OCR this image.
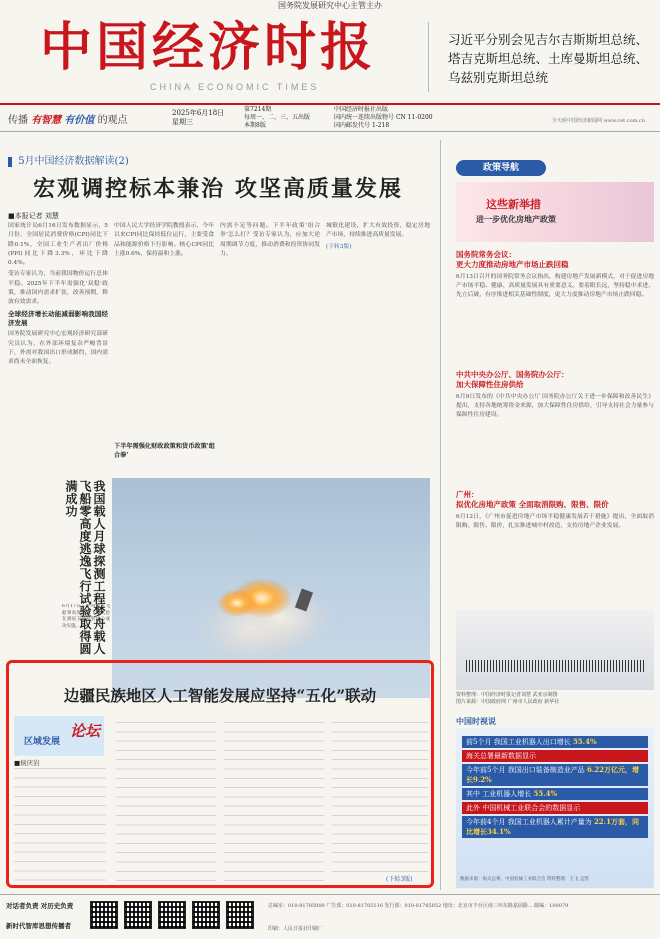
国务院发展研究中心主管主办
中国经济时报
CHINA ECONOMIC TIMES
习近平分别会见吉尔吉斯斯坦总统、塔吉克斯坦总统、土库曼斯坦总统、乌兹别克斯坦总统
传播 有智慧 有价值 的观点
2025年6月18日
星期三
第7214期
每周一、二、三、五出版
本期8版
中国经济时报社出版
国内统一连续出版物号 CN 11-0200
国内邮发代号 1-218
全天候中国经济新闻网 www.cet.com.cn
5月中国经济数据解读(2)
宏观调控标本兼治 攻坚高质量发展
■本报记者 刘慧

国家统计局6月16日发布数据显示，5月份，全国居民消费价格(CPI)同比下降0.1%，全国工业生产者出厂价格(PPI)同比下降3.3%，环比下降0.4%。

受访专家认为，当前我国物价运行总体平稳。2025年下半年需强化'双稳'政策，推动国内需求扩张，改善预期，释放有效需求。

全球经济增长动能减弱影响我国经济发展

国务院发展研究中心宏观经济研究部研究员认为，在外部环境复杂严峻背景下，外需对我国出口形成制约，国内需求尚未全面恢复。

中国人民大学经济学院教授表示，今年以来CPI同比保持低位运行，主要受食品和能源价格下行影响。核心CPI同比上涨0.6%，保持温和上涨。

下半年需强化财政政策和货币政策'组合拳'

内需不足等问题。下半年政策'组合拳'怎么打？受访专家认为，应加大逆周期调节力度，推动消费和投资协同发力。

城镇化建设，扩大有效投资，稳定房地产市场，持续推进高质量发展。

(下转3版)
我国载人月球探测工程梦舟载人飞船零高度逃逸飞行试验取得圆满成功
6月17日，梦舟载人飞船零高度逃逸飞行试验在酒泉卫星发射中心成功实施。
边疆民族地区人工智能发展应坚持“五化”联动
区域发展
论坛
■侯庆岩
(下转3版)
政策导航
这些新举措
进一步优化房地产政策
国务院常务会议：
更大力度推动房地产市场止跌回稳
6月13日召开的国务院常务会议指出，构建房地产发展新模式，对于促进房地产市场平稳、健康、高质量发展具有重要意义。要着眼长远，坚持稳中求进、先立后破，有序推进相关基础性制度，更大力度推动房地产市场止跌回稳。
中共中央办公厅、国务院办公厅：
加大保障性住房供给
6月9日发布的《中共中央办公厅 国务院办公厅关于进一步保障和改善民生》提出，支持各地统筹资金来源，加大保障性住房供给，引导支持社会力量参与保障性住房建设。
广州：
拟优化房地产政策 全面取消限购、限售、限价
6月12日，《广州市促进房地产市场平稳健康发展若干措施》提出，全面取消限购、限售、限价，扎实推进城中村改造，支持房地产企业发展。
资料整理：中国经济时报记者刘慧 武亚京制图
图片来源：中国政府网 广州市人民政府 新华社
中国时视说
前5个月 我国工业机器人出口增长 55.4%
海关总署最新数据显示
今年前5个月 我国出口装备制造业产品 6.22万亿元，增长9.2%
其中 工业机器人增长 55.4%
此外 中国机械工业联合会的数据显示
今年前4个月 我国工业机器人累计产量为 22.1万套，同比增长34.1%
数据来源：海关总署、中国机械工业联合会 资料整理：王飞 孟凯
对话者负责 对历史负责
新时代智库思想传播者
总编室：010-81785000 广告部：010-81785116 发行部：010-81785052 地址：北京市丰台区南三环东路嘉园路... 邮编：100079
印刷：人民日报社印刷厂
